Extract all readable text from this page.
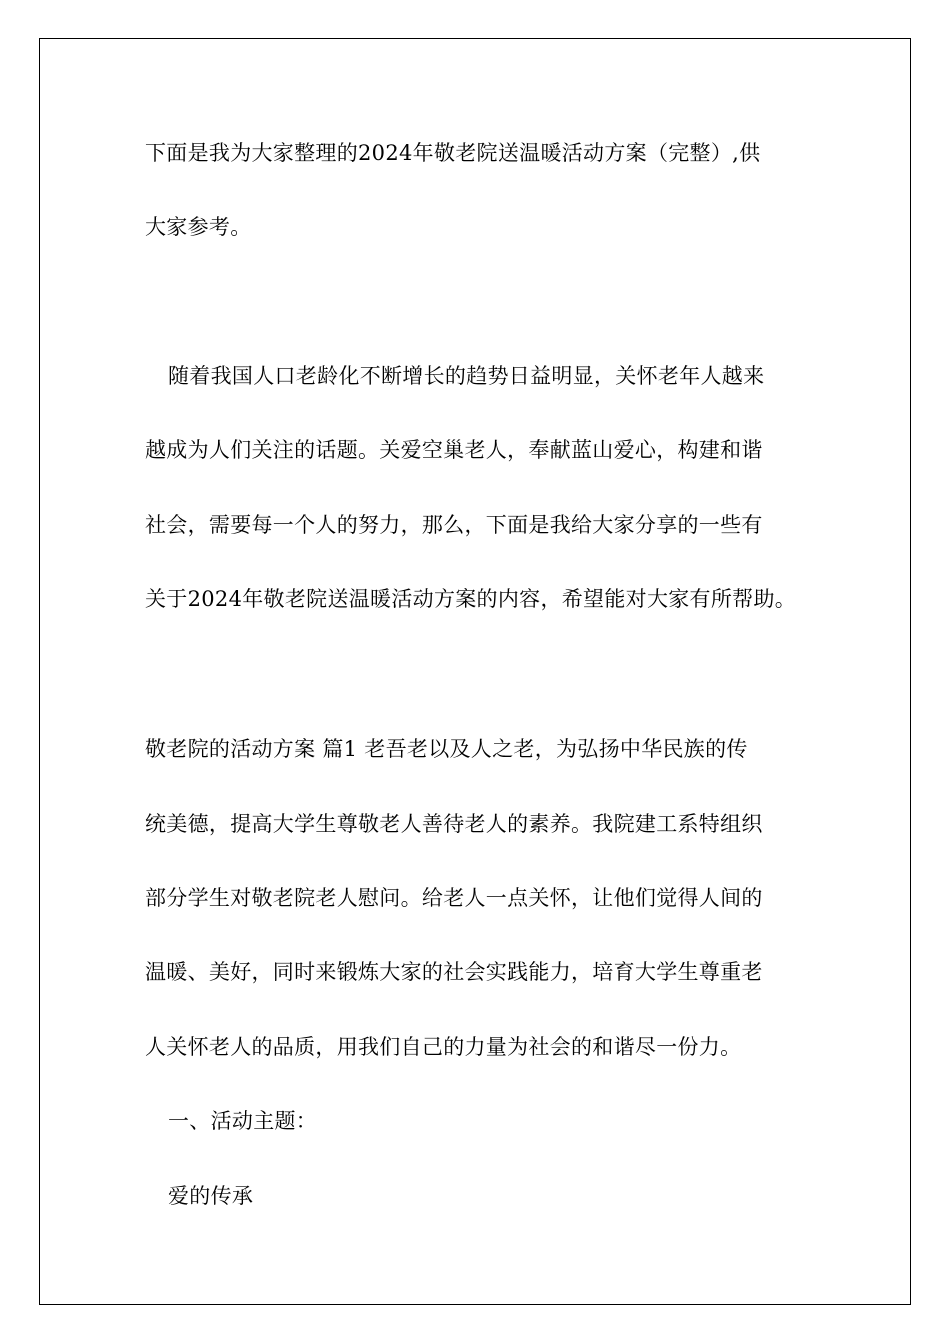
下面是我为大家整理的2024年敬老院送温暖活动方案（完整）,供
大家参考。
随着我国人口老龄化不断增长的趋势日益明显，关怀老年人越来
越成为人们关注的话题。关爱空巢老人，奉献蓝山爱心，构建和谐
社会，需要每一个人的努力，那么，下面是我给大家分享的一些有
关于2024年敬老院送温暖活动方案的内容，希望能对大家有所帮助。
敬老院的活动方案 篇1 老吾老以及人之老，为弘扬中华民族的传
统美德，提高大学生尊敬老人善待老人的素养。我院建工系特组织
部分学生对敬老院老人慰问。给老人一点关怀，让他们觉得人间的
温暖、美好，同时来锻炼大家的社会实践能力，培育大学生尊重老
人关怀老人的品质，用我们自己的力量为社会的和谐尽一份力。
一、活动主题：
爱的传承
